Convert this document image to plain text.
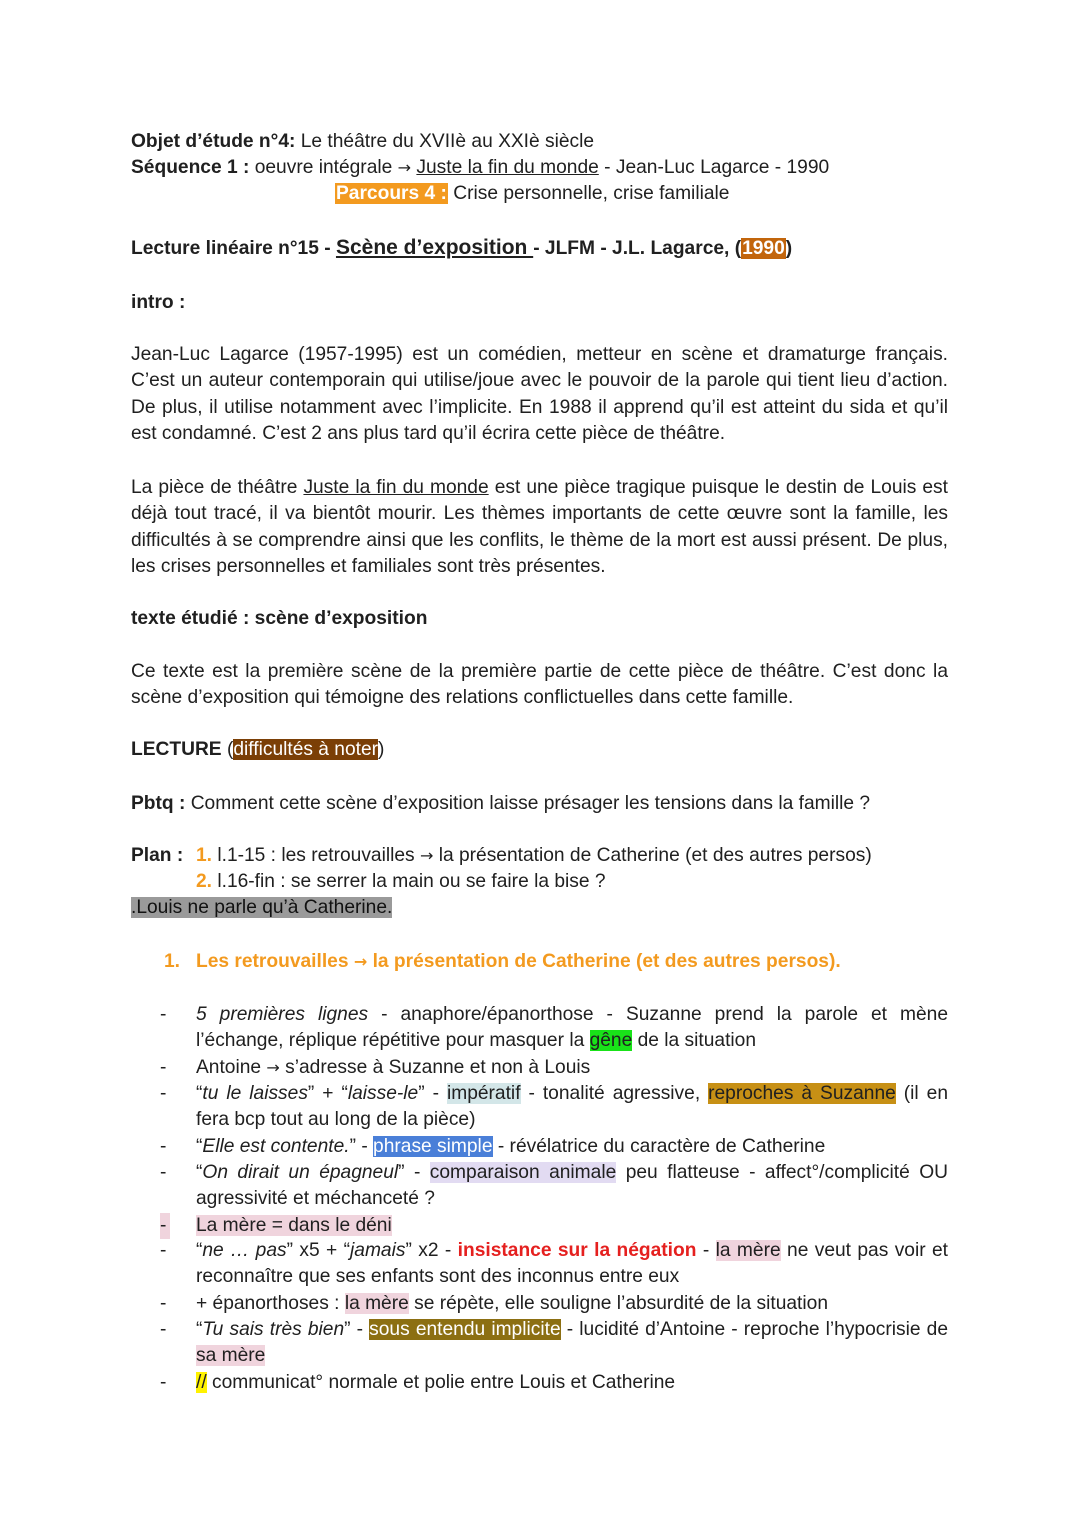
Objet d’étude n°4: Le théâtre du XVIIè au XXIè siècle
Séquence 1 : oeuvre intégrale → Juste la fin du monde - Jean-Luc Lagarce - 1990
Parcours 4 : Crise personnelle, crise familiale
Lecture linéaire n°15 - Scène d’exposition - JLFM - J.L. Lagarce, (1990)
intro :
Jean-Luc Lagarce (1957-1995) est un comédien, metteur en scène et dramaturge français. C’est un auteur contemporain qui utilise/joue avec le pouvoir de la parole qui tient lieu d’action. De plus, il utilise notamment avec l’implicite. En 1988 il apprend qu’il est atteint du sida et qu’il est condamné. C’est 2 ans plus tard qu’il écrira cette pièce de théâtre.
La pièce de théâtre Juste la fin du monde est une pièce tragique puisque le destin de Louis est déjà tout tracé, il va bientôt mourir. Les thèmes importants de cette œuvre sont la famille, les difficultés à se comprendre ainsi que les conflits, le thème de la mort est aussi présent. De plus, les crises personnelles et familiales sont très présentes.
texte étudié : scène d’exposition
Ce texte est la première scène de la première partie de cette pièce de théâtre. C’est donc la scène d’exposition qui témoigne des relations conflictuelles dans cette famille.
LECTURE (difficultés à noter)
Pbtq : Comment cette scène d’exposition laisse présager les tensions dans la famille ?
Plan : 1. l.1-15 : les retrouvailles → la présentation de Catherine (et des autres persos)
2. l.16-fin : se serrer la main ou se faire la bise ?
.Louis ne parle qu’à Catherine.
1. Les retrouvailles → la présentation de Catherine (et des autres persos).
- 5 premières lignes - anaphore/épanorthose - Suzanne prend la parole et mène l’échange, réplique répétitive pour masquer la gêne de la situation
- Antoine → s’adresse à Suzanne et non à Louis
- “tu le laisses” + “laisse-le” - impératif - tonalité agressive, reproches à Suzanne (il en fera bcp tout au long de la pièce)
- “Elle est contente.” - phrase simple - révélatrice du caractère de Catherine
- “On dirait un épagneul” - comparaison animale peu flatteuse - affect°/complicité OU agressivité et méchanceté ?
- La mère = dans le déni
- “ne … pas” x5 + “jamais” x2 - insistance sur la négation - la mère ne veut pas voir et reconnaître que ses enfants sont des inconnus entre eux
- + épanorthoses : la mère se répète, elle souligne l’absurdité de la situation
- “Tu sais très bien” - sous entendu implicite - lucidité d’Antoine - reproche l’hypocrisie de sa mère
- // communicat° normale et polie entre Louis et Catherine
